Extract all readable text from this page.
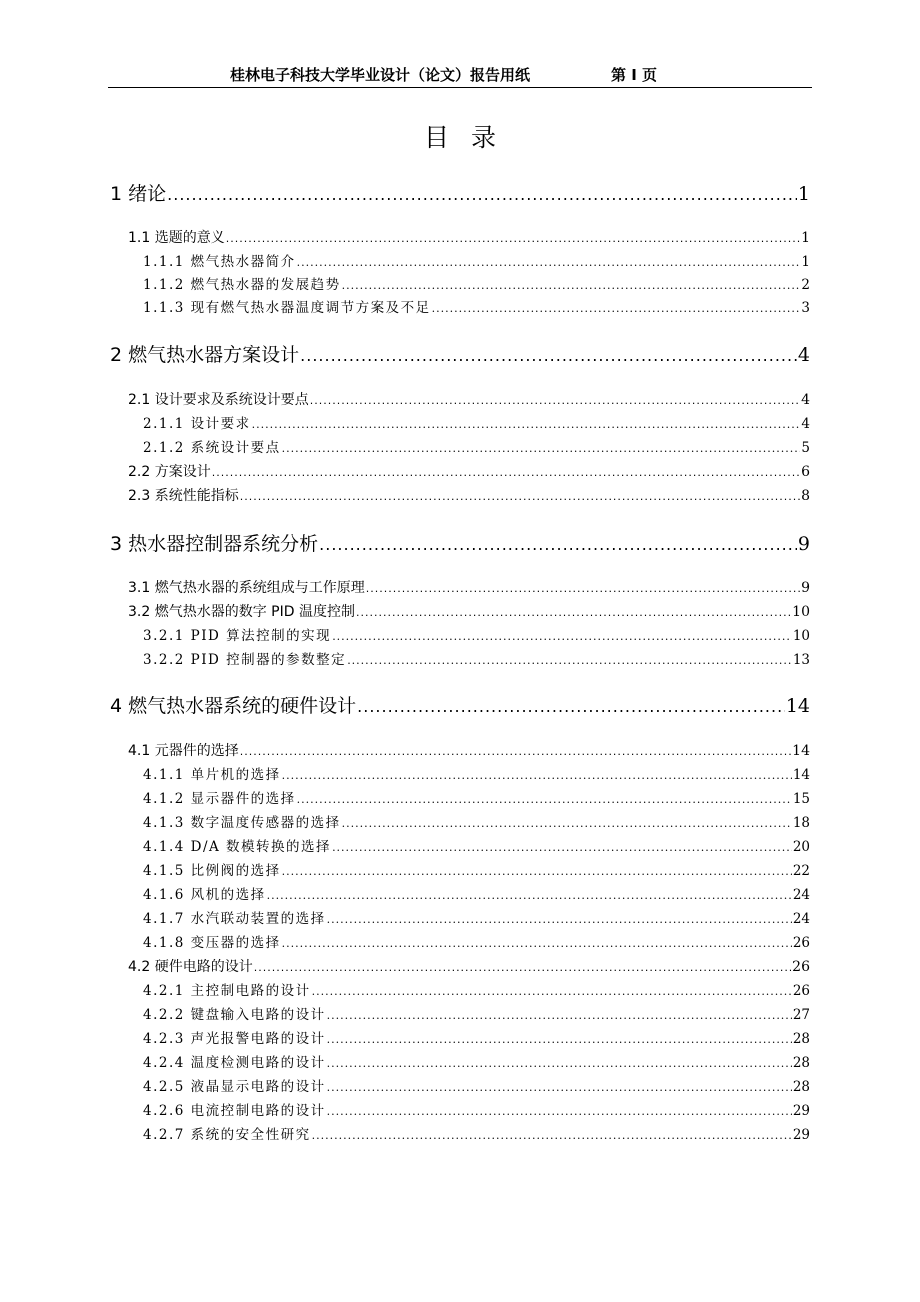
桂林电子科技大学毕业设计（论文）报告用纸	第 I 页
目录
1 绪论 .....	1
1.1 选题的意义 .....	1
1.1.1 燃气热水器简介 .....	1
1.1.2 燃气热水器的发展趋势 .....	2
1.1.3 现有燃气热水器温度调节方案及不足 .....	3
2 燃气热水器方案设计 .....	4
2.1 设计要求及系统设计要点 .....	4
2.1.1 设计要求 .....	4
2.1.2 系统设计要点 .....	5
2.2 方案设计 .....	6
2.3 系统性能指标 .....	8
3 热水器控制器系统分析 .....	9
3.1 燃气热水器的系统组成与工作原理 .....	9
3.2 燃气热水器的数字 PID 温度控制 .....	10
3.2.1 PID 算法控制的实现 .....	10
3.2.2 PID 控制器的参数整定 .....	13
4 燃气热水器系统的硬件设计 .....	14
4.1 元器件的选择 .....	14
4.1.1 单片机的选择 .....	14
4.1.2 显示器件的选择 .....	15
4.1.3 数字温度传感器的选择 .....	18
4.1.4 D/A 数模转换的选择 .....	20
4.1.5 比例阀的选择 .....	22
4.1.6 风机的选择 .....	24
4.1.7 水汽联动装置的选择 .....	24
4.1.8 变压器的选择 .....	26
4.2 硬件电路的设计 .....	26
4.2.1 主控制电路的设计 .....	26
4.2.2 键盘输入电路的设计 .....	27
4.2.3 声光报警电路的设计 .....	28
4.2.4 温度检测电路的设计 .....	28
4.2.5 液晶显示电路的设计 .....	28
4.2.6 电流控制电路的设计 .....	29
4.2.7 系统的安全性研究 .....	29
